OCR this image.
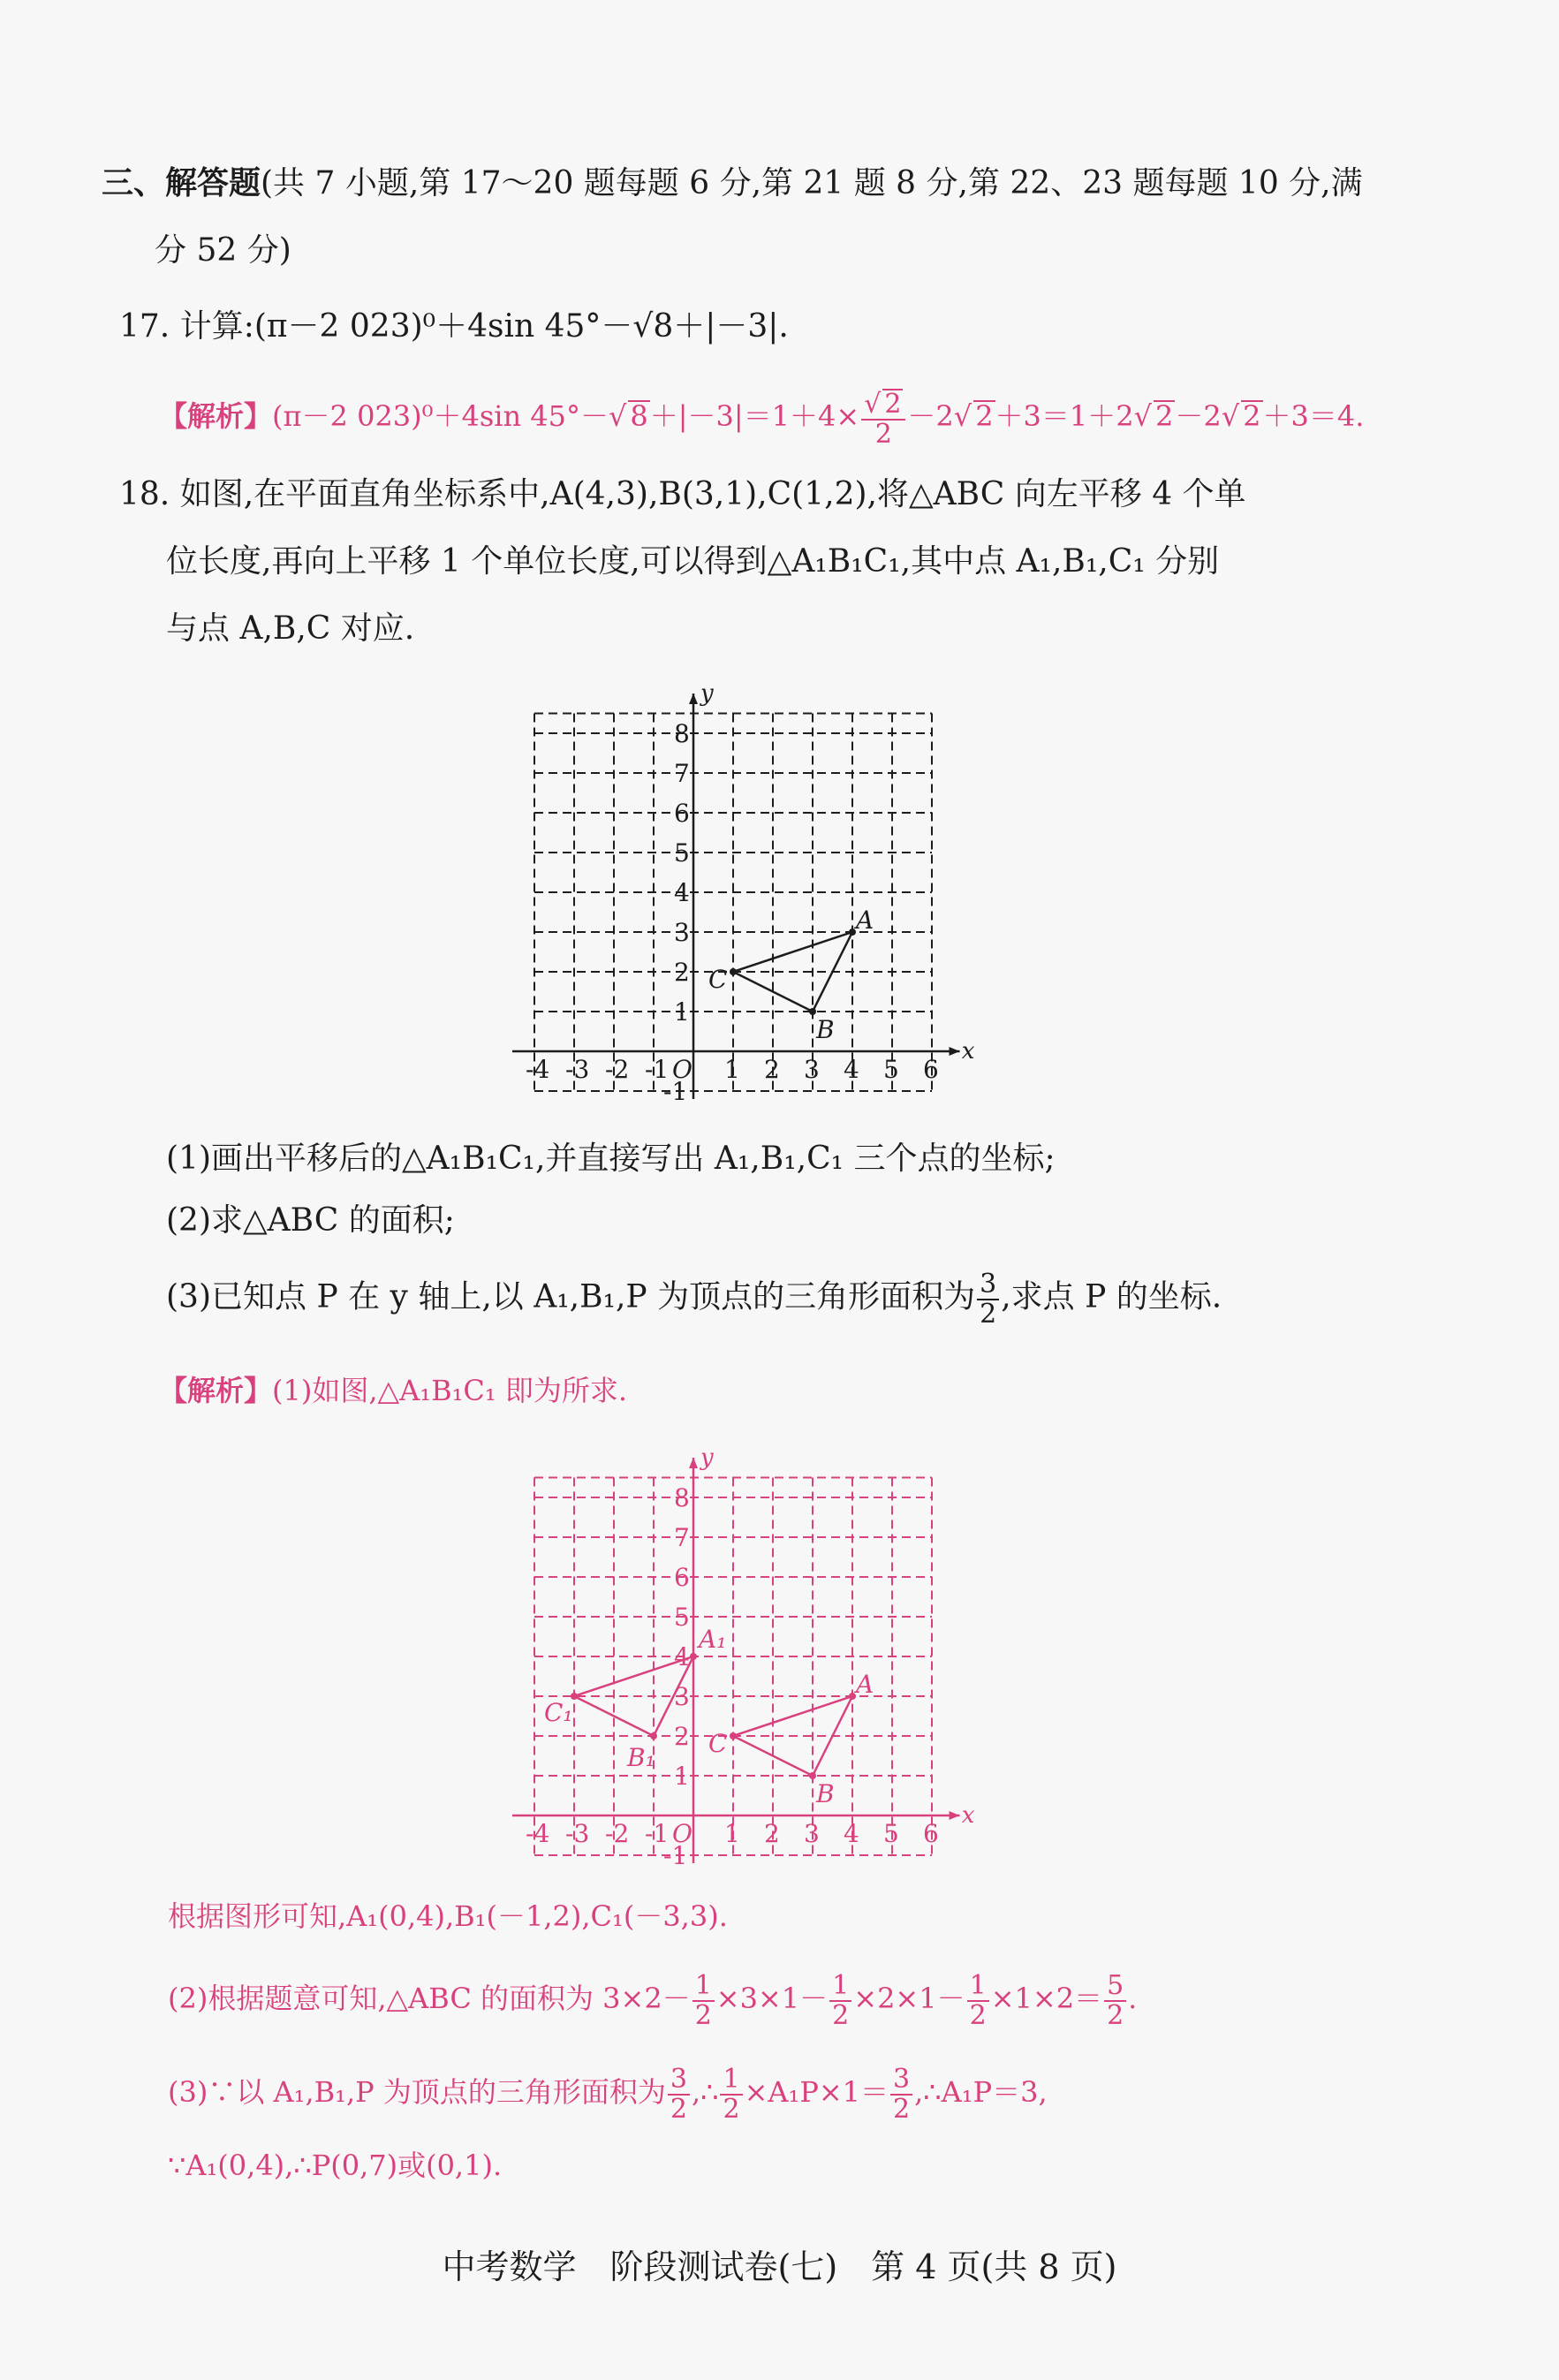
三、解答题(共 7 小题,第 17～20 题每题 6 分,第 21 题 8 分,第 22、23 题每题 10 分,满
分 52 分)
17. 计算:(π－2 023)⁰＋4sin 45°－√8＋|－3|.
【解析】(π－2 023)⁰＋4sin 45°－√ $8+|-3|=1+4\times \frac{√ 2}{2} -2√$ 2＋3＝1＋2√ 2－2√ 2＋3＝4.
18. 如图,在平面直角坐标系中,A(4,3),B(3,1),C(1,2),将△ABC 向左平移 4 个单
位长度,再向上平移 1 个单位长度,可以得到△A₁B₁C₁,其中点 A₁,B₁,C₁ 分别
与点 A,B,C 对应.
x
y
O
-4 -3 -2 -1 1 2 3 4 5 6
-1
1
2
3
4
5
6
7
8
A
B
C
(1)画出平移后的△A₁B₁C₁,并直接写出 A₁,B₁,C₁ 三个点的坐标;
(2)求△ABC 的面积;
(3)已知点 P 在 y 轴上,以 A₁,B₁,P 为顶点的三角形面积为 $\frac{3}{2}$ ,求点 P 的坐标.
【解析】(1)如图,△A₁B₁C₁ 即为所求.
x
y
O
-4 -3 -2 -1 1 2 3 4 5 6
-1
1
2
3
4
5
6
7
8
A
B
C
A₁
B₁
C₁
根据图形可知,A₁(0,4),B₁(－1,2),C₁(－3,3).
(2)根据题意可知,△ABC 的面积为 $3\times 2- \frac{1}{2} \times 3\times 1- \frac{1}{2} \times 2\times 1- \frac{1}{2} \times 1\times 2= \frac{5}{2}$ .
(3)∵以 A₁,B₁,P 为顶点的三角形面积为 $\frac{3}{2}$ ,∴ $\frac{1}{2} \times A_1P\times 1= \frac{3}{2}$ ,∴A₁P＝3,
∵A₁(0,4),∴P(0,7)或(0,1).
中考数学　阶段测试卷(七)　第 4 页(共 8 页)
